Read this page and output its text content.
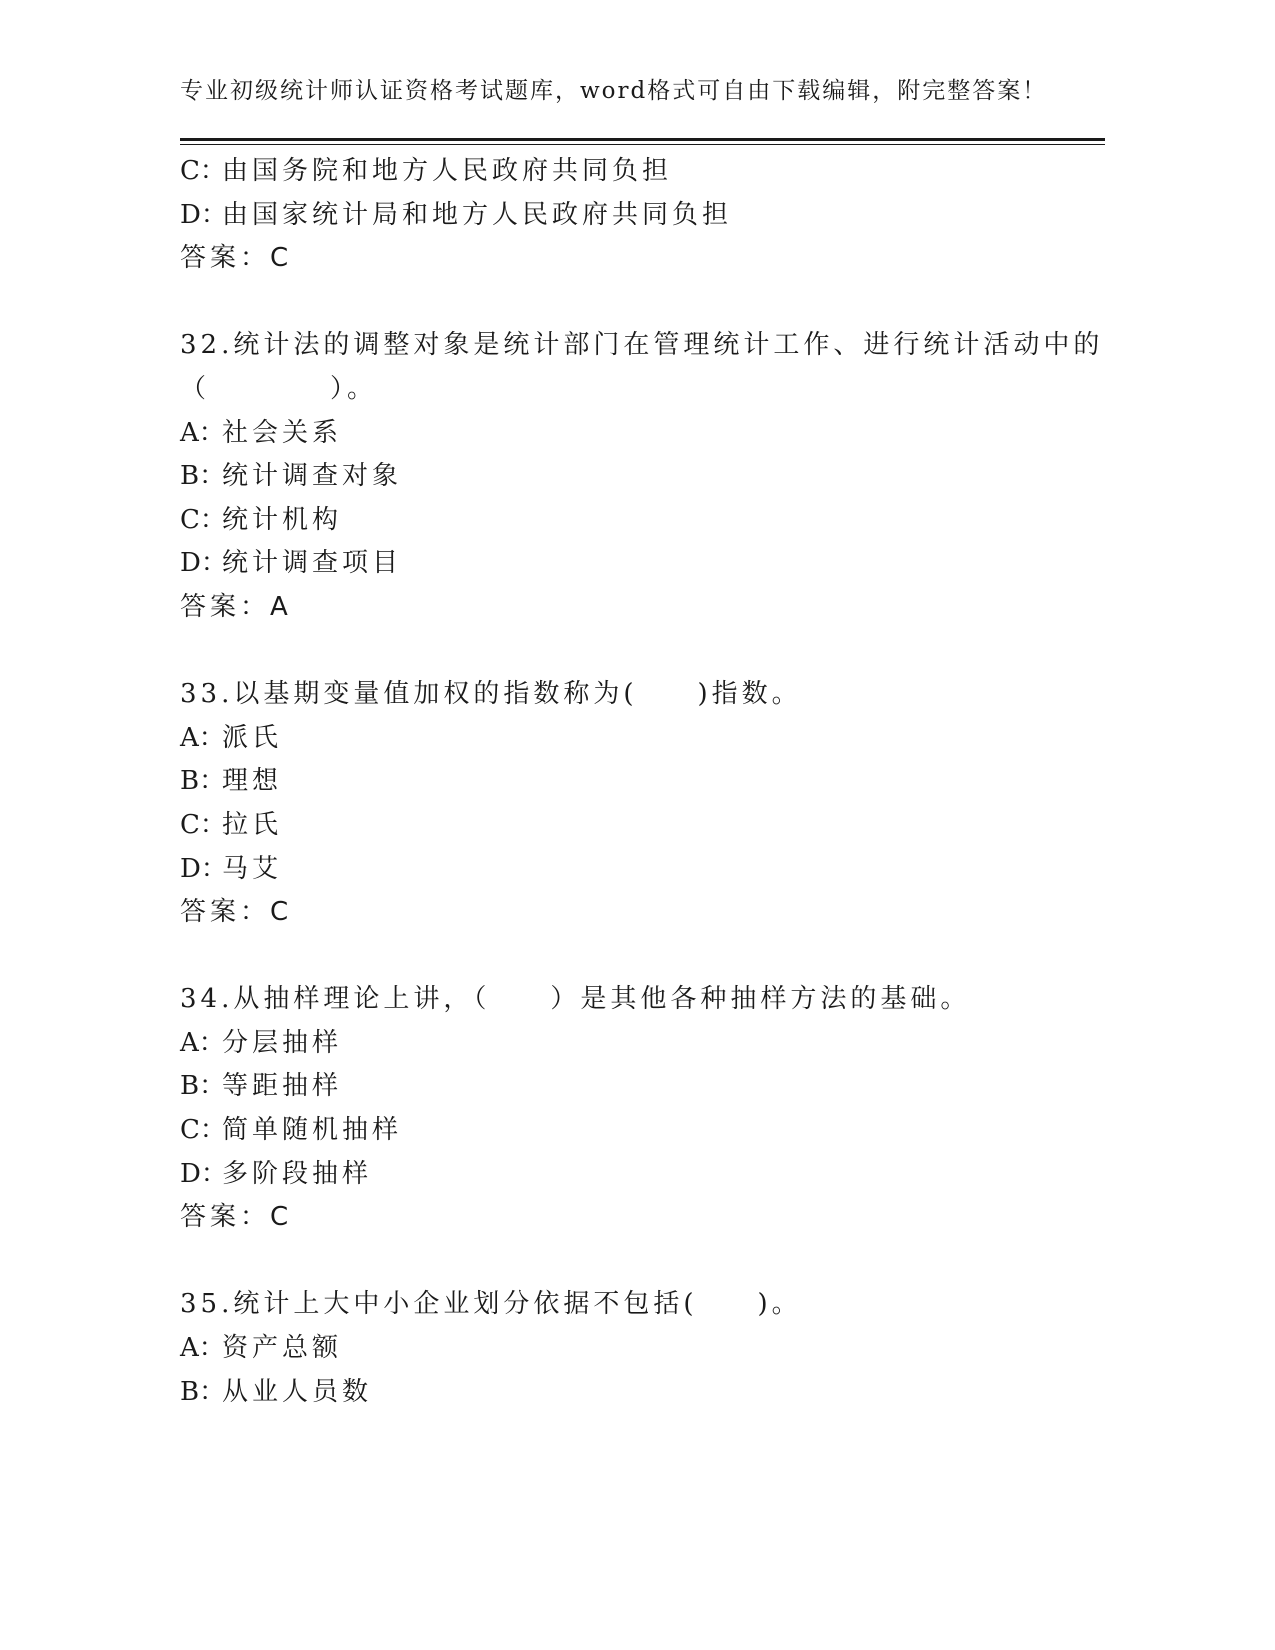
专业初级统计师认证资格考试题库，word格式可自由下载编辑，附完整答案！
C：由国务院和地方人民政府共同负担
D：由国家统计局和地方人民政府共同负担
答案：C
32.统计法的调整对象是统计部门在管理统计工作、进行统计活动中的
（　　　　）。
A：社会关系
B：统计调查对象
C：统计机构
D：统计调查项目
答案：A
33.以基期变量值加权的指数称为(　　)指数。
A：派氏
B：理想
C：拉氏
D：马艾
答案：C
34.从抽样理论上讲，（　　）是其他各种抽样方法的基础。
A：分层抽样
B：等距抽样
C：简单随机抽样
D：多阶段抽样
答案：C
35.统计上大中小企业划分依据不包括(　　)。
A：资产总额
B：从业人员数
